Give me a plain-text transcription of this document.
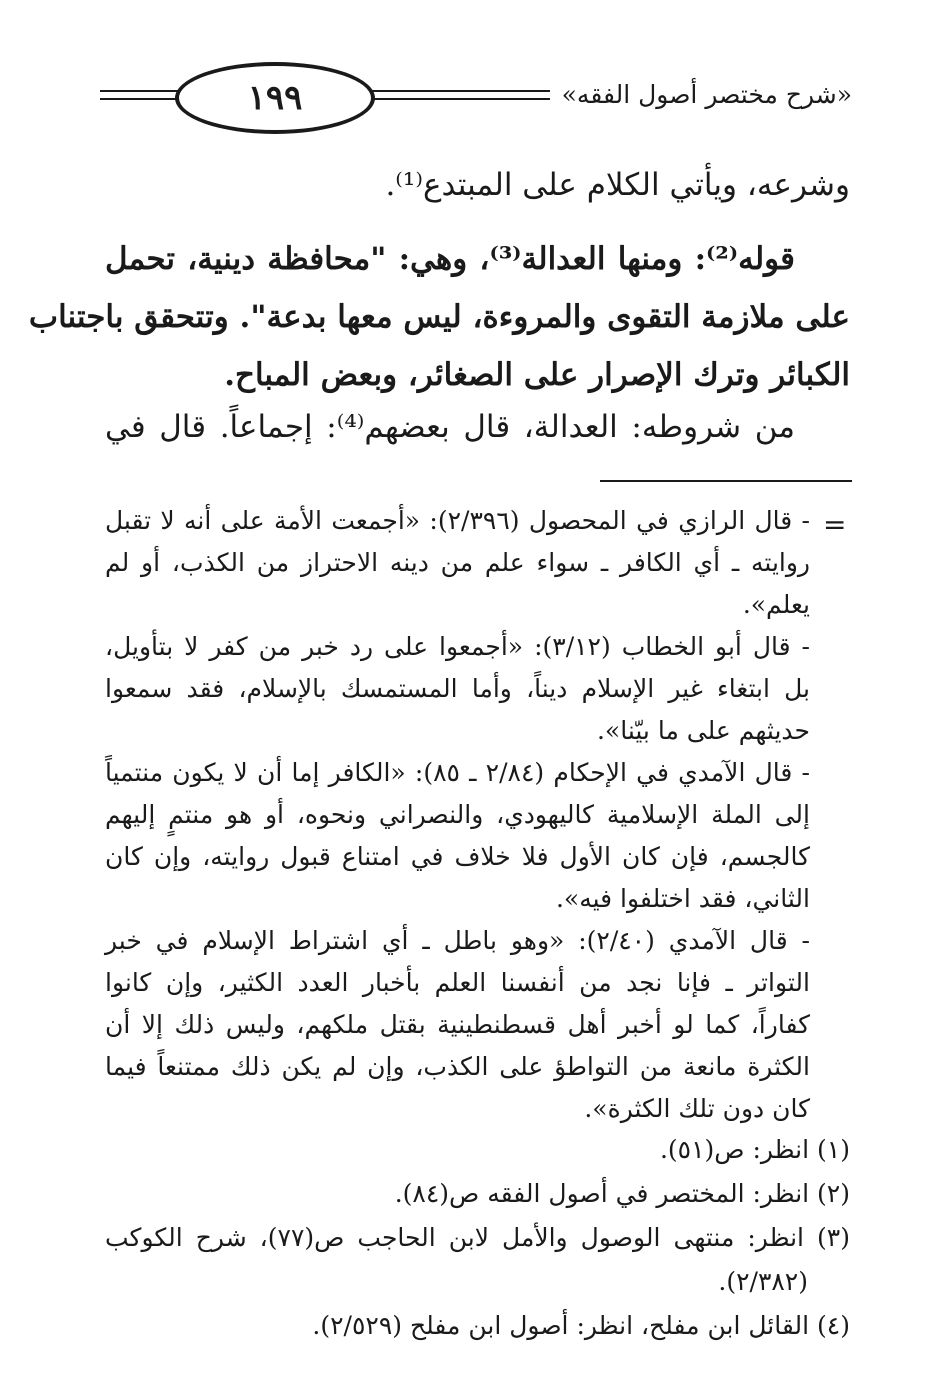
١٩٩	«شرح مختصر أصول الفقه»
وشرعه، ويأتي الكلام على المبتدع⁽¹⁾.
قوله⁽²⁾: ومنها العدالة⁽³⁾، وهي: "محافظة دينية، تحمل
على ملازمة التقوى والمروءة، ليس معها بدعة". وتتحقق باجتناب
الكبائر وترك الإصرار على الصغائر، وبعض المباح.
من شروطه: العدالة، قال بعضهم⁽⁴⁾: إجماعاً. قال في
=
- قال الرازي في المحصول (٢/٣٩٦): «أجمعت الأمة على أنه لا تقبل
روايته ـ أي الكافر ـ سواء علم من دينه الاحتراز من الكذب، أو لم
يعلم».
- قال أبو الخطاب (٣/١٢): «أجمعوا على رد خبر من كفر لا بتأويل،
بل ابتغاء غير الإسلام ديناً، وأما المستمسك بالإسلام، فقد سمعوا
حديثهم على ما بيّنا».
- قال الآمدي في الإحكام (٢/٨٤ ـ ٨٥): «الكافر إما أن لا يكون منتمياً
إلى الملة الإسلامية كاليهودي، والنصراني ونحوه، أو هو منتمٍ إليهم
كالجسم، فإن كان الأول فلا خلاف في امتناع قبول روايته، وإن كان
الثاني، فقد اختلفوا فيه».
- قال الآمدي (٢/٤٠): «وهو باطل ـ أي اشتراط الإسلام في خبر
التواتر ـ فإنا نجد من أنفسنا العلم بأخبار العدد الكثير، وإن كانوا
كفاراً، كما لو أخبر أهل قسطنطينية بقتل ملكهم، وليس ذلك إلا أن
الكثرة مانعة من التواطؤ على الكذب، وإن لم يكن ذلك ممتنعاً فيما
كان دون تلك الكثرة».
(١) انظر: ص(٥١).
(٢) انظر: المختصر في أصول الفقه ص(٨٤).
(٣) انظر: منتهى الوصول والأمل لابن الحاجب ص(٧٧)، شرح الكوكب
(٢/٣٨٢).
(٤) القائل ابن مفلح، انظر: أصول ابن مفلح (٢/٥٢٩).
